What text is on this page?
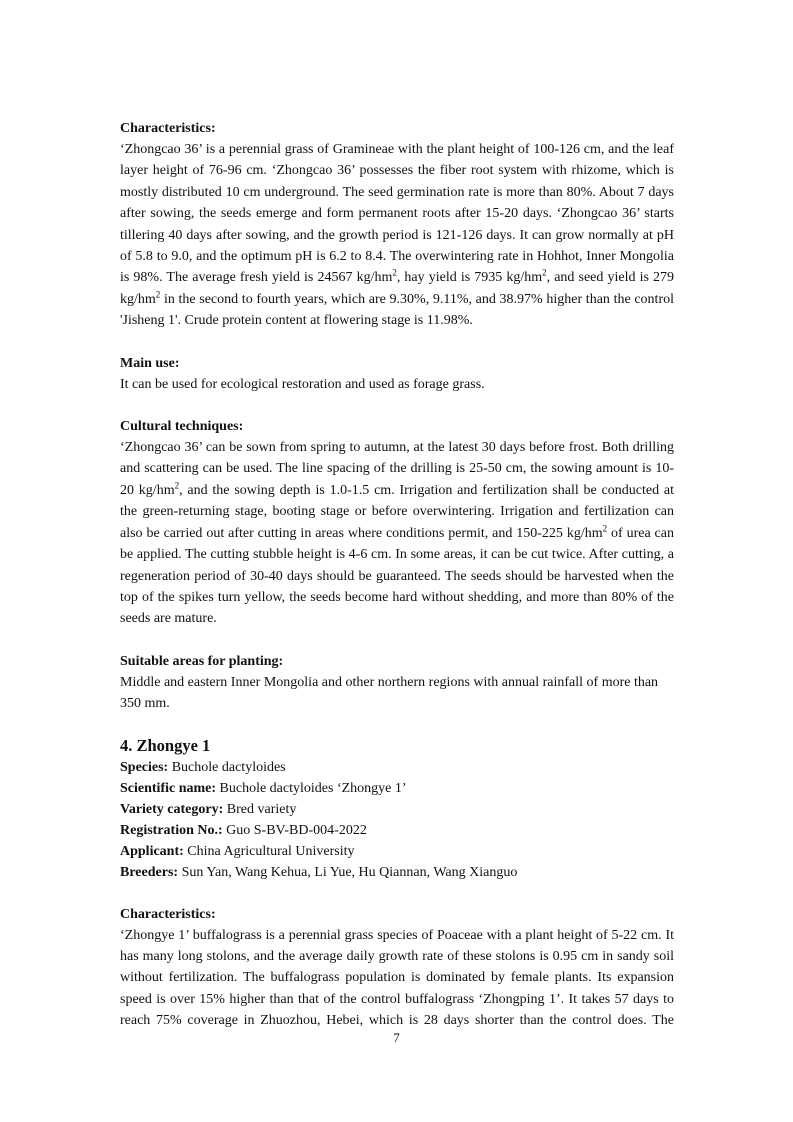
Characteristics:

‘Zhongcao 36’ is a perennial grass of Gramineae with the plant height of 100-126 cm, and the leaf layer height of 76-96 cm. ‘Zhongcao 36’ possesses the fiber root system with rhizome, which is mostly distributed 10 cm underground. The seed germination rate is more than 80%. About 7 days after sowing, the seeds emerge and form permanent roots after 15-20 days. ‘Zhongcao 36’ starts tillering 40 days after sowing, and the growth period is 121-126 days. It can grow normally at pH of 5.8 to 9.0, and the optimum pH is 6.2 to 8.4. The overwintering rate in Hohhot, Inner Mongolia is 98%. The average fresh yield is 24567 $kg/hm^2$, hay yield is 7935 $kg/hm^2$, and seed yield is 279 $kg/hm^2$ in the second to fourth years, which are 9.30%, 9.11%, and 38.97% higher than the control 'Jisheng 1'. Crude protein content at flowering stage is 11.98%.

Main use:

It can be used for ecological restoration and used as forage grass.

Cultural techniques:

‘Zhongcao 36’ can be sown from spring to autumn, at the latest 30 days before frost. Both drilling and scattering can be used. The line spacing of the drilling is 25-50 cm, the sowing amount is 10-20 $kg/hm^2$, and the sowing depth is 1.0-1.5 cm. Irrigation and fertilization shall be conducted at the green-returning stage, booting stage or before overwintering. Irrigation and fertilization can also be carried out after cutting in areas where conditions permit, and 150-225 $kg/hm^2$ of urea can be applied. The cutting stubble height is 4-6 cm. In some areas, it can be cut twice. After cutting, a regeneration period of 30-40 days should be guaranteed. The seeds should be harvested when the top of the spikes turn yellow, the seeds become hard without shedding, and more than 80% of the seeds are mature.

Suitable areas for planting:

Middle and eastern Inner Mongolia and other northern regions with annual rainfall of more than 350 mm.

4. Zhongye 1

Species: Buchole dactyloides

Scientific name: Buchole dactyloides ‘Zhongye 1’

Variety category: Bred variety

Registration No.: Guo S-BV-BD-004-2022

Applicant: China Agricultural University

Breeders: Sun Yan, Wang Kehua, Li Yue, Hu Qiannan, Wang Xianguo

Characteristics:

‘Zhongye 1’ buffalograss is a perennial grass species of Poaceae with a plant height of 5-22 cm. It has many long stolons, and the average daily growth rate of these stolons is 0.95 cm in sandy soil without fertilization. The buffalograss population is dominated by female plants. Its expansion speed is over 15% higher than that of the control buffalograss ‘Zhongping 1’. It takes 57 days to reach 75% coverage in Zhuozhou, Hebei, which is 28 days shorter than the control does. The

7
